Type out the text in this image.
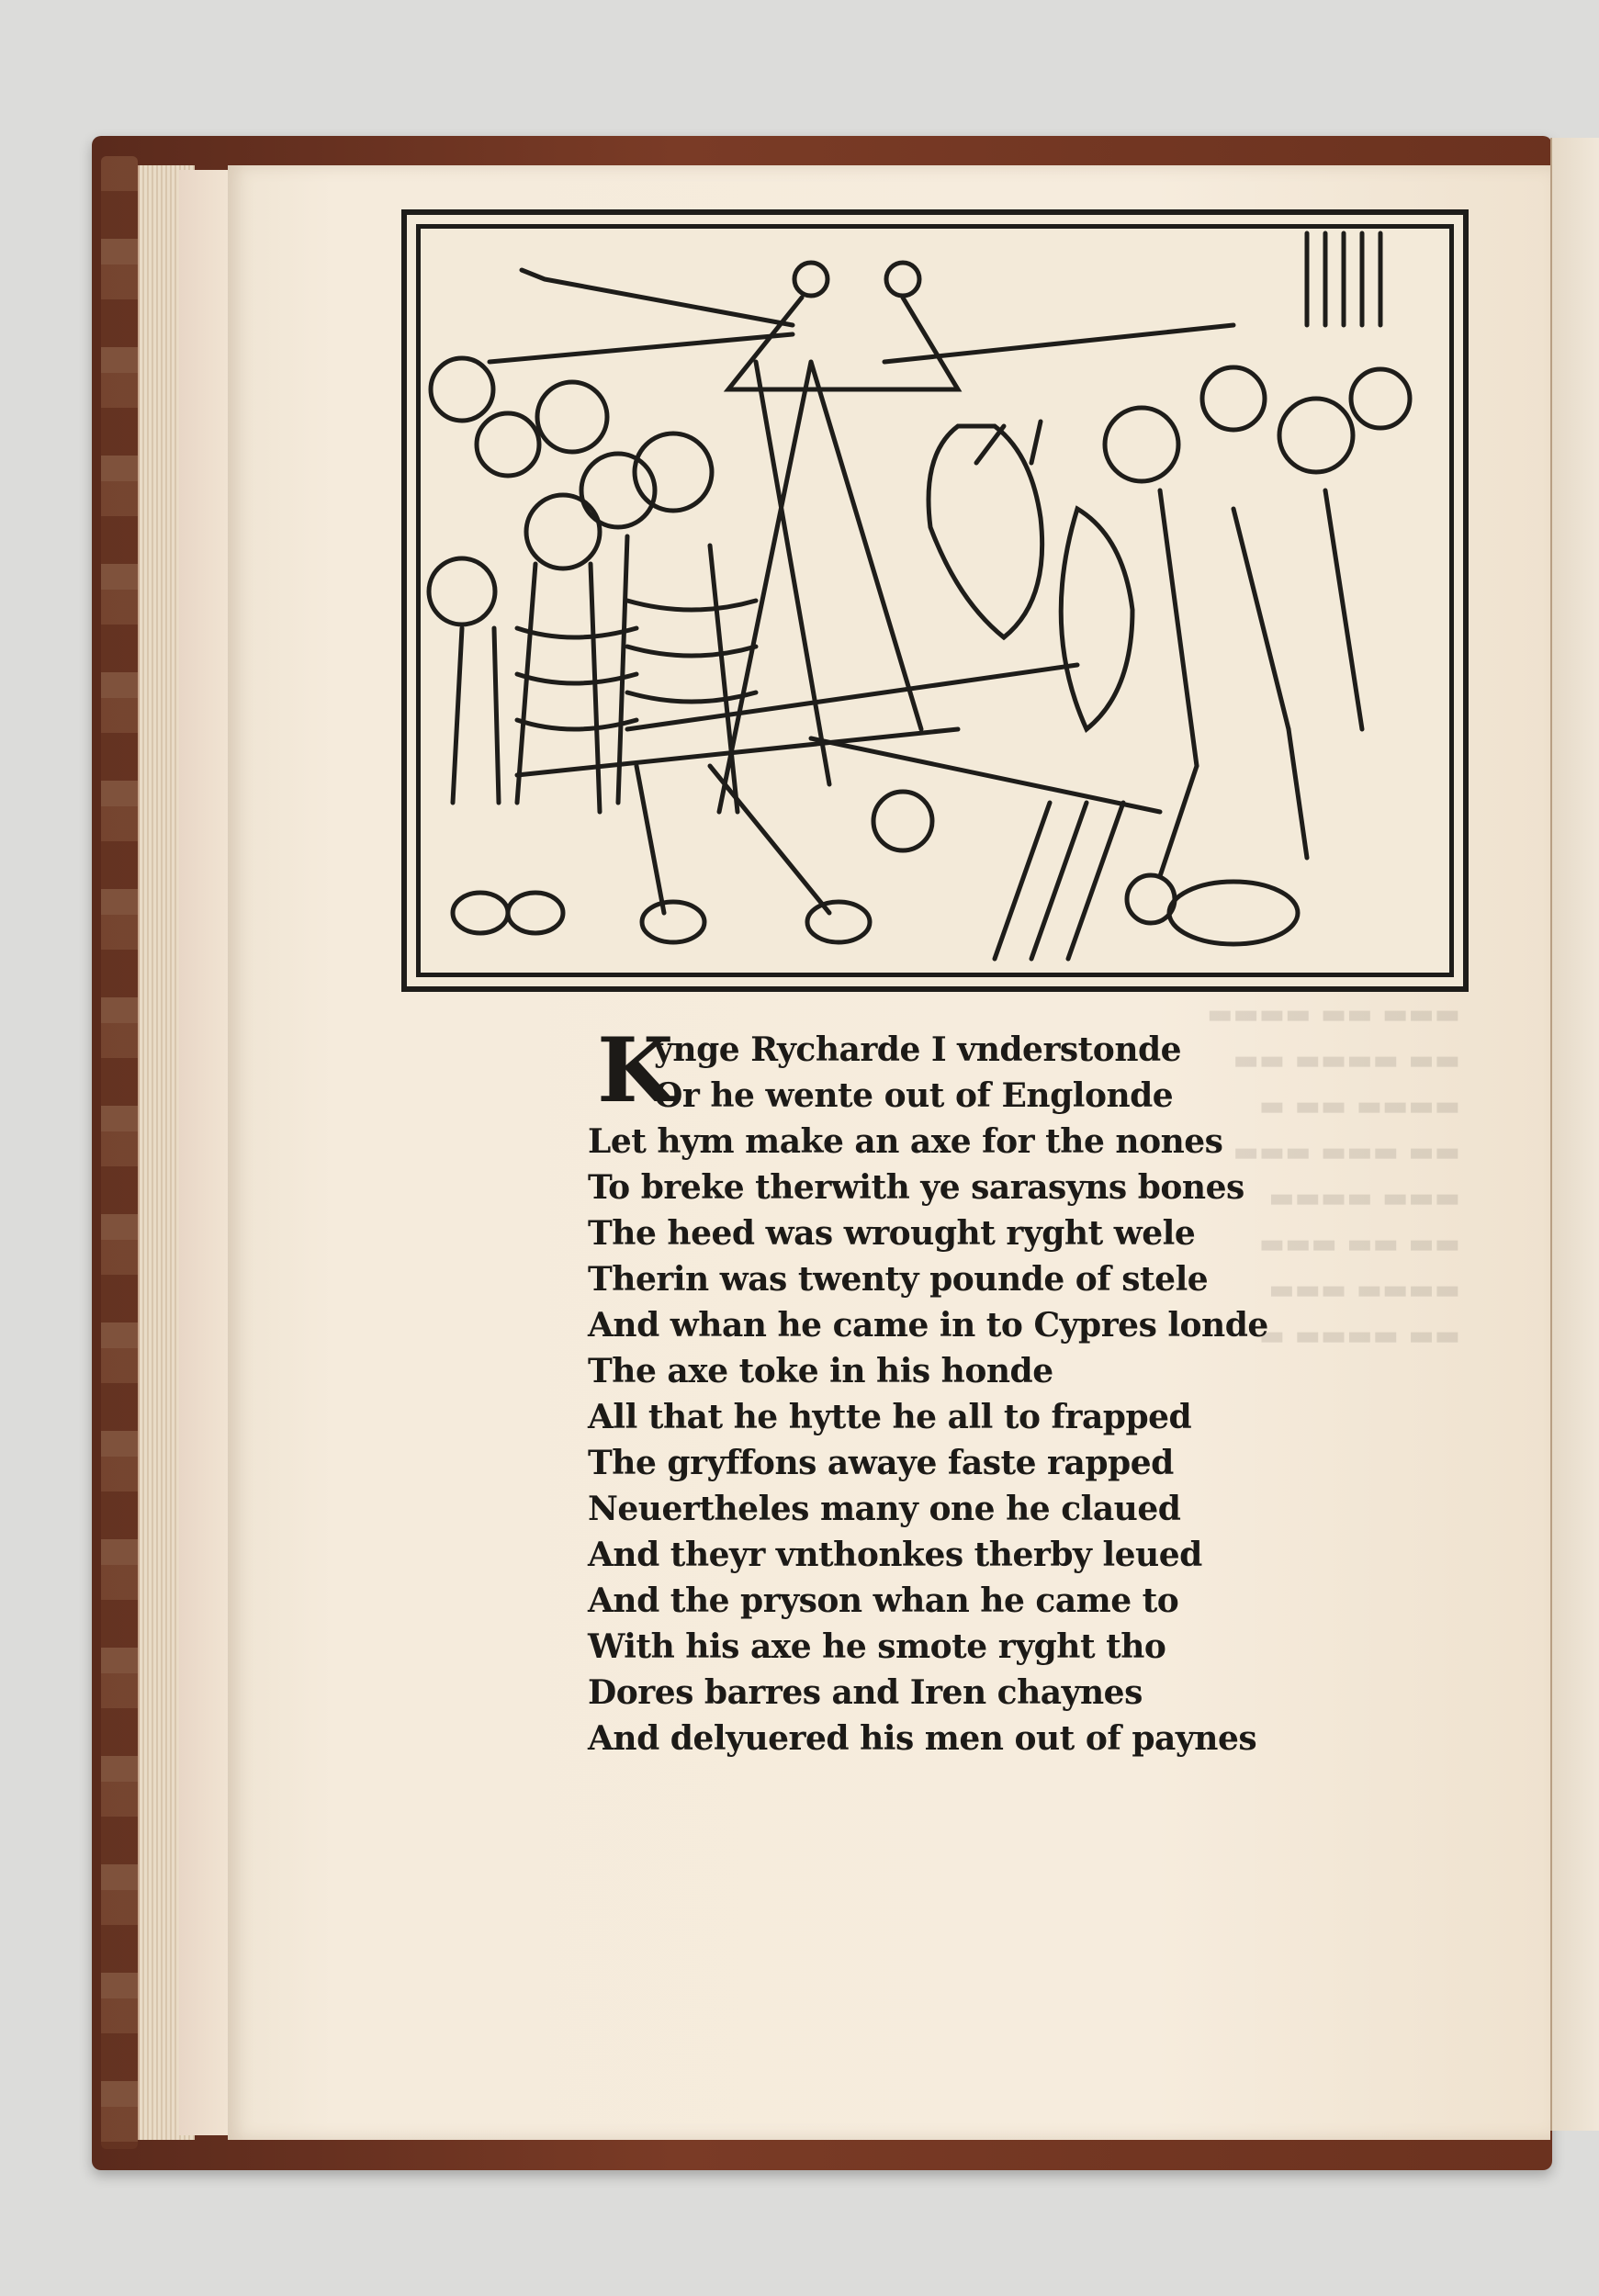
▬▬▬ ▬▬ ▬▬▬▬
▬▬ ▬▬▬▬ ▬▬
▬▬▬▬ ▬▬ ▬
▬▬ ▬▬▬ ▬▬▬
▬▬▬ ▬▬▬▬
▬▬ ▬▬ ▬▬▬
▬▬▬▬ ▬▬▬
▬▬ ▬▬▬▬ ▬
K
ynge Rycharde I vnderstonde
Or he wente out of Englonde
Let hym make an axe for the nones
To breke therwith ye sarasyns bones
The heed was wrought ryght wele
Therin was twenty pounde of stele
And whan he came in to Cypres londe
The axe toke in his honde
All that he hytte he all to frapped
The gryffons awaye faste rapped
Neuertheles many one he claued
And theyr vnthonkes therby leued
And the pryson whan he came to
With his axe he smote ryght tho
Dores barres and Iren chaynes
And delyuered his men out of paynes
